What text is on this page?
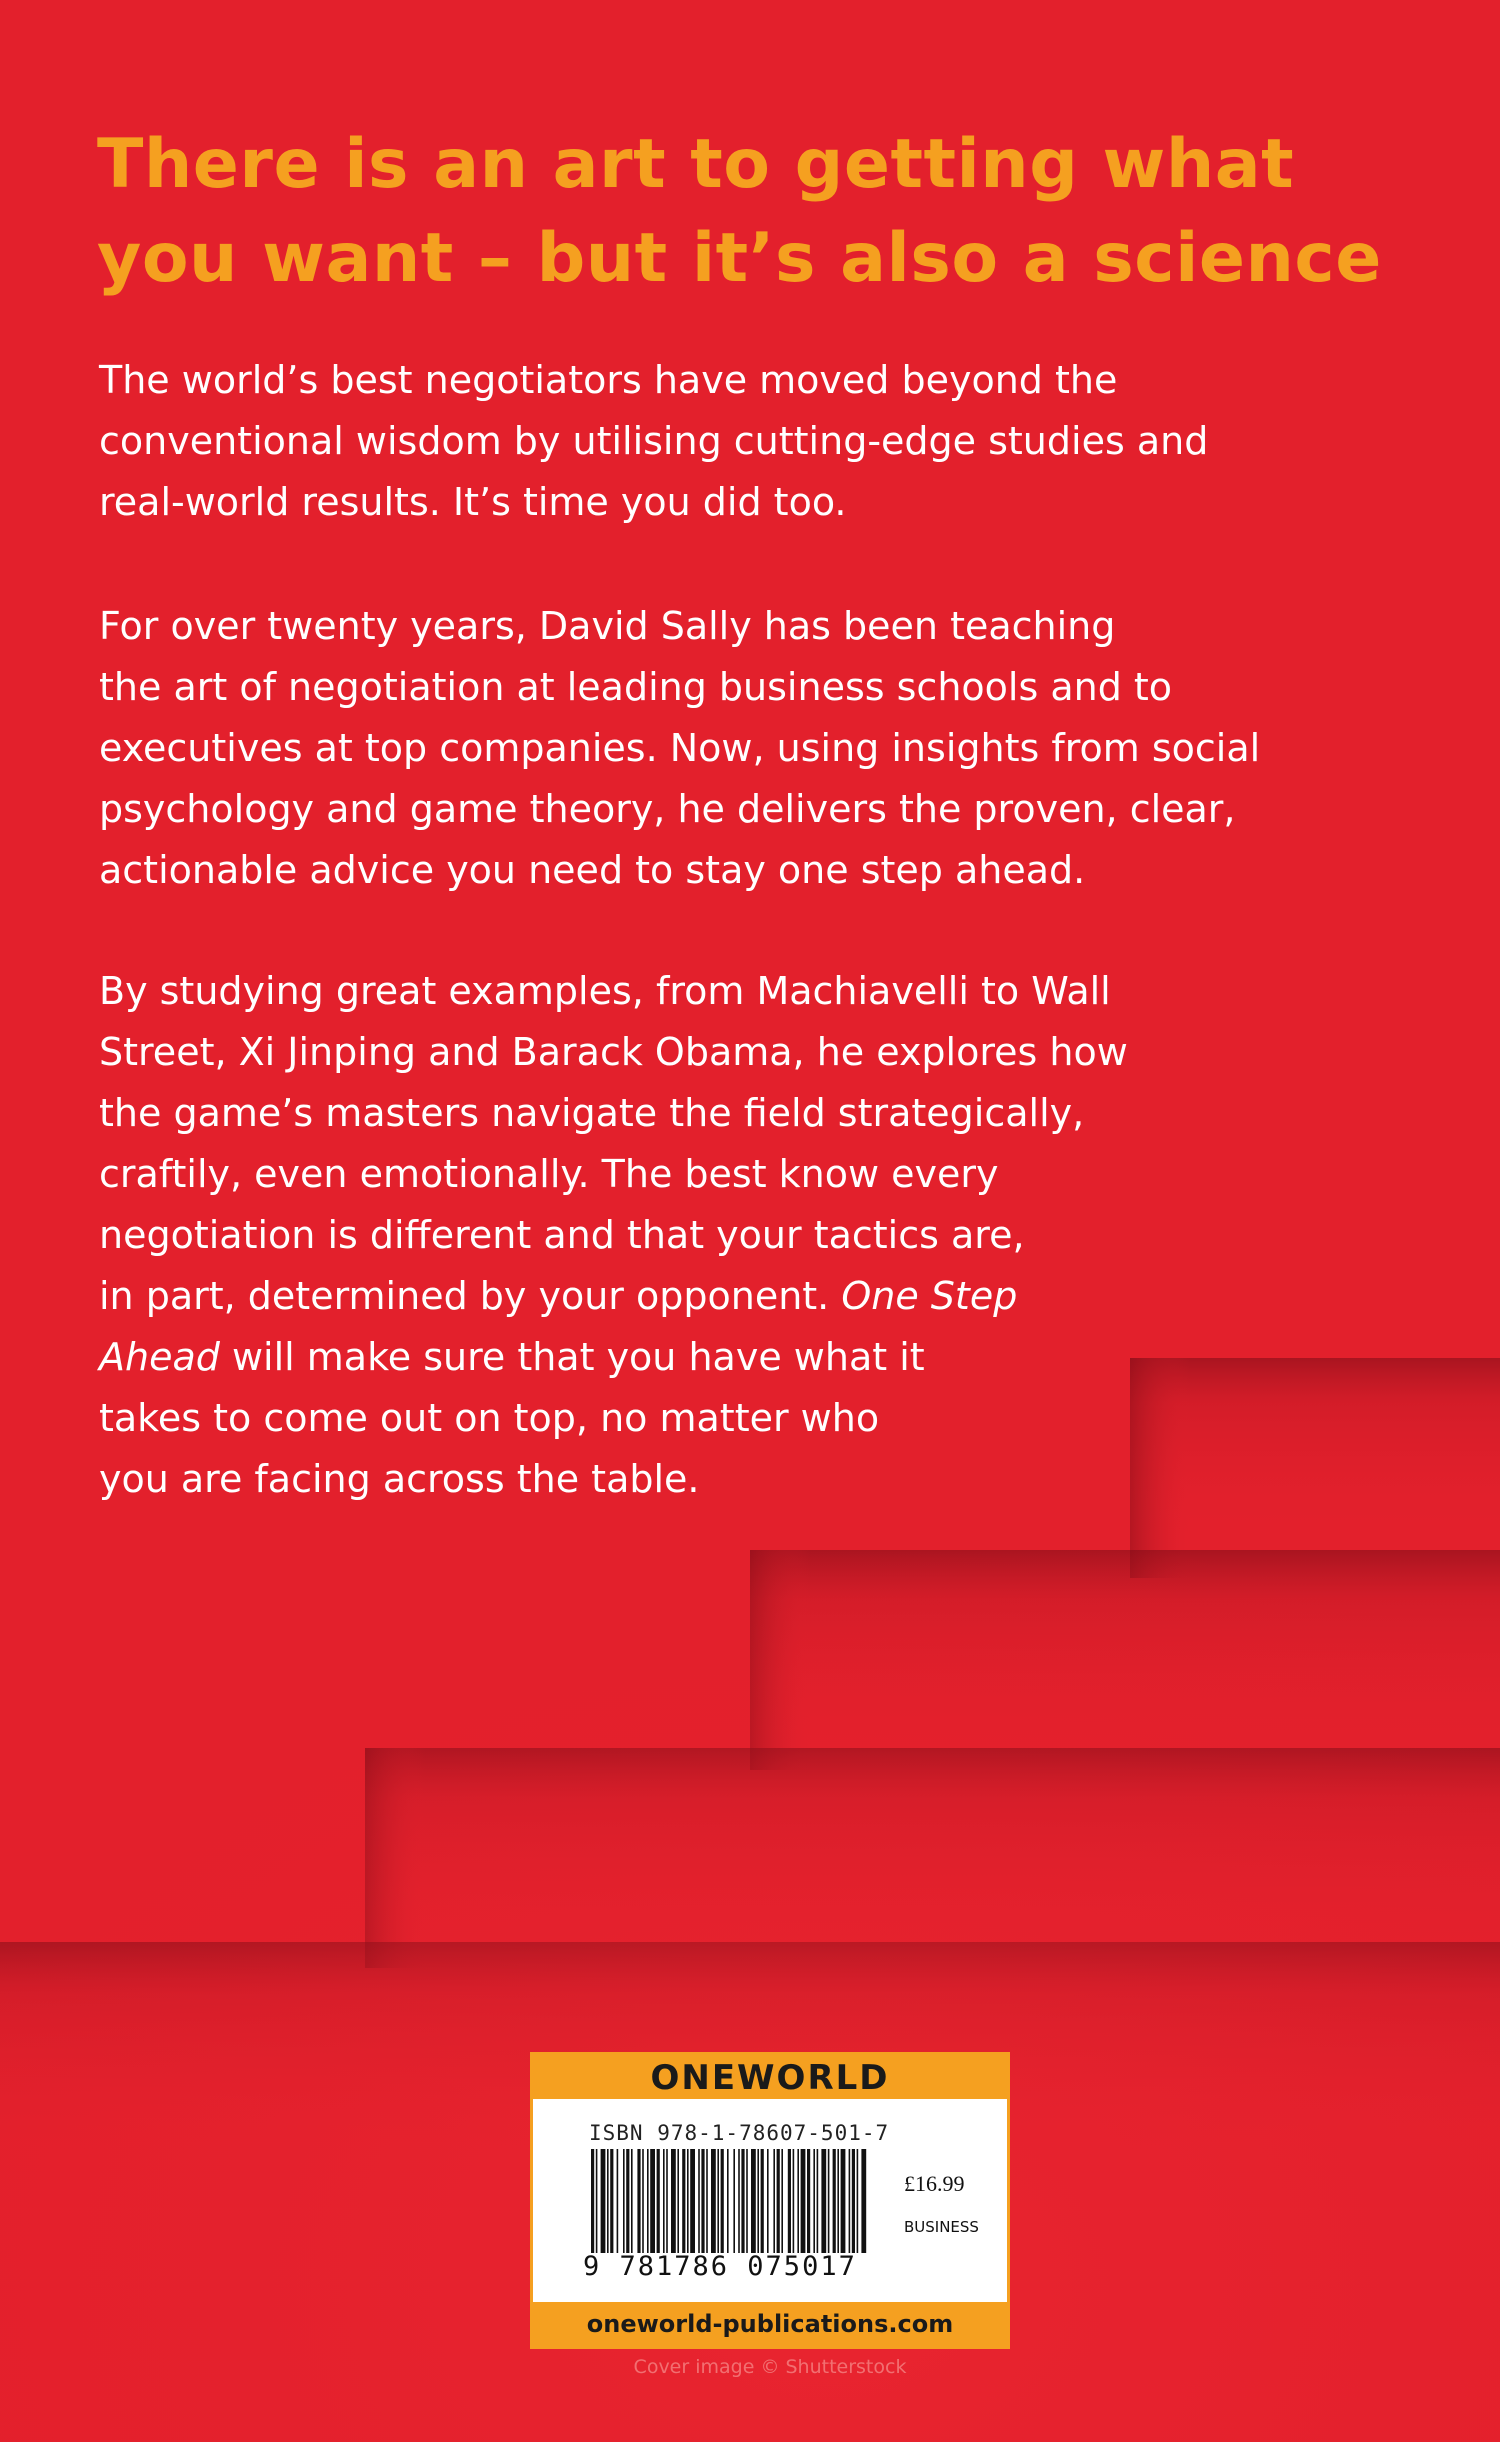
There is an art to getting what
you want – but it’s also a science

The world’s best negotiators have moved beyond the
conventional wisdom by utilising cutting-edge studies and
real-world results. It’s time you did too.

For over twenty years, David Sally has been teaching
the art of negotiation at leading business schools and to
executives at top companies. Now, using insights from social
psychology and game theory, he delivers the proven, clear,
actionable advice you need to stay one step ahead.

By studying great examples, from Machiavelli to Wall
Street, Xi Jinping and Barack Obama, he explores how
the game’s masters navigate the field strategically,
craftily, even emotionally. The best know every
negotiation is different and that your tactics are,
in part, determined by your opponent. One Step
Ahead will make sure that you have what it
takes to come out on top, no matter who
you are facing across the table.

ONEWORLD
ISBN 978-1-78607-501-7
9 781786 075017
£16.99
BUSINESS
oneworld-publications.com
Cover image © Shutterstock
